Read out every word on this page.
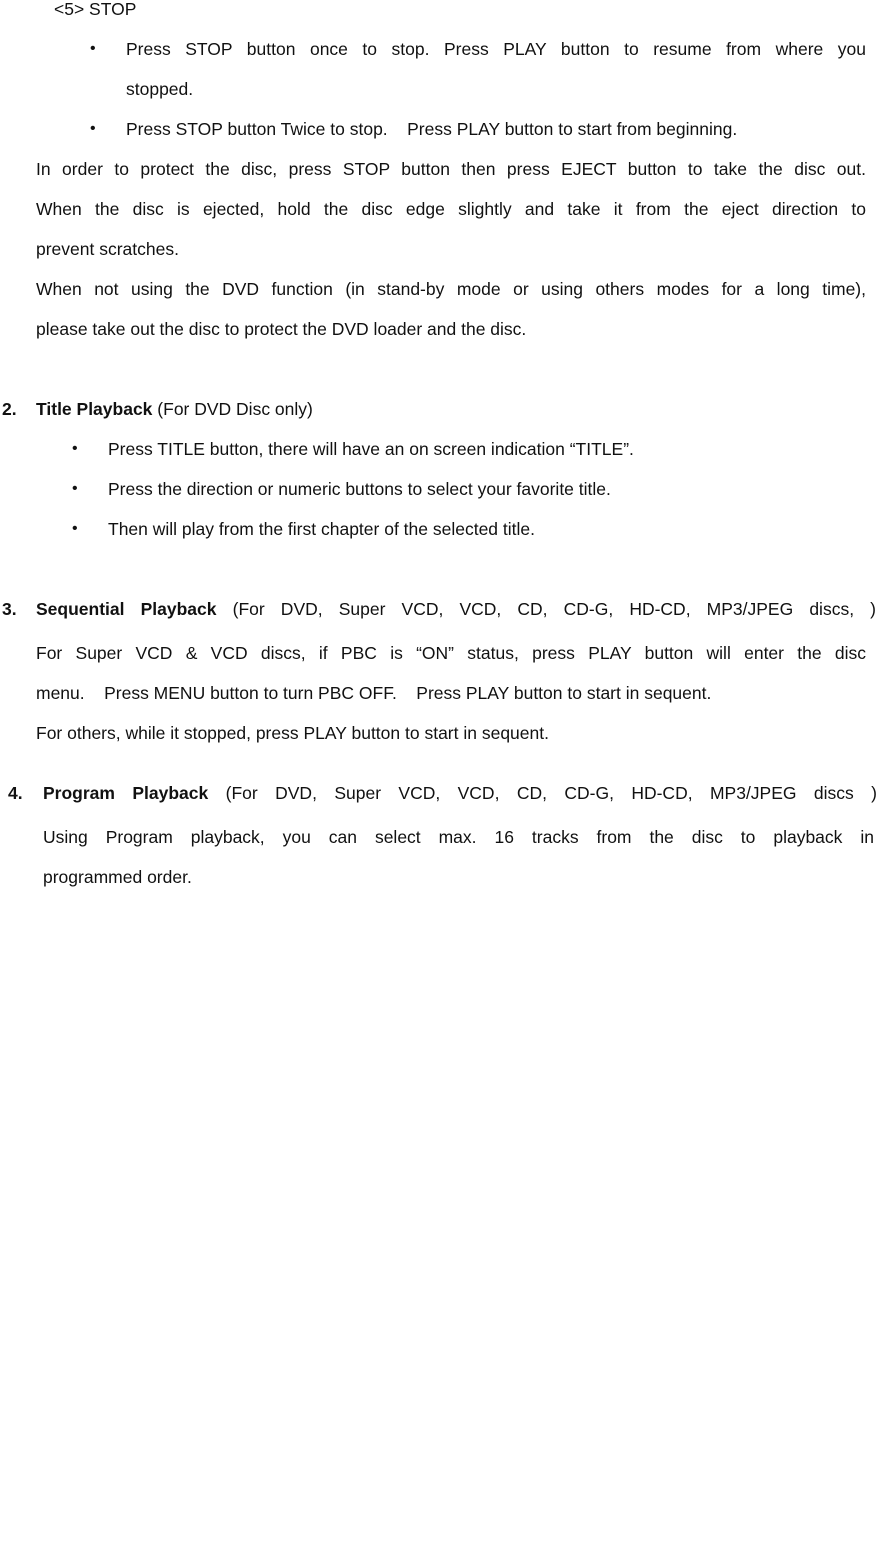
<5> STOP
• Press STOP button once to stop. Press PLAY button to resume from where you
stopped.
• Press STOP button Twice to stop.    Press PLAY button to start from beginning.
In order to protect the disc, press STOP button then press EJECT button to take the disc out.
When the disc is ejected, hold the disc edge slightly and take it from the eject direction to
prevent scratches.
When not using the DVD function (in stand-by mode or using others modes for a long time),
please take out the disc to protect the DVD loader and the disc.
2. Title Playback (For DVD Disc only)
• Press TITLE button, there will have an on screen indication “TITLE”.
• Press the direction or numeric buttons to select your favorite title.
• Then will play from the first chapter of the selected title.
3. Sequential Playback (For DVD, Super VCD, VCD, CD, CD-G, HD-CD, MP3/JPEG discs, )
For Super VCD & VCD discs, if PBC is “ON” status, press PLAY button will enter the disc
menu.    Press MENU button to turn PBC OFF.    Press PLAY button to start in sequent.
For others, while it stopped, press PLAY button to start in sequent.
4. Program Playback (For DVD, Super VCD, VCD, CD, CD-G, HD-CD, MP3/JPEG discs )
Using Program playback, you can select max. 16 tracks from the disc to playback in
programmed order.
